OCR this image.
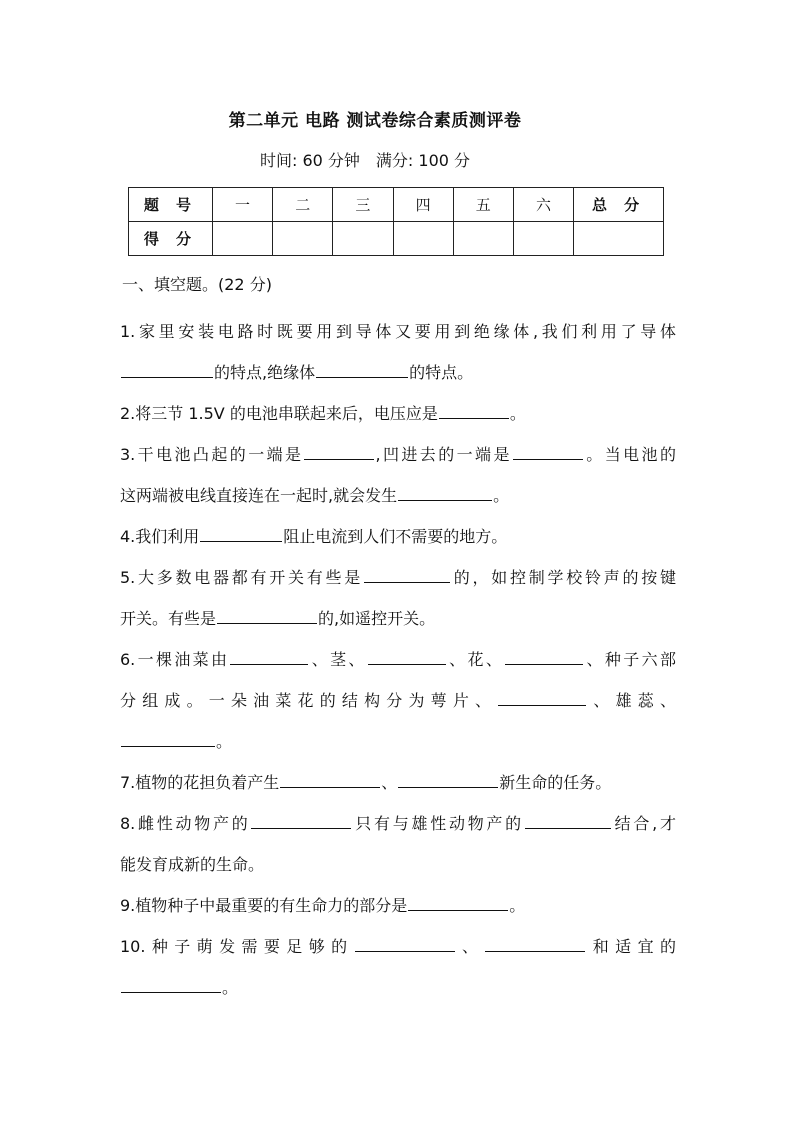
第二单元 电路 测试卷综合素质测评卷
时间: 60 分钟 满分: 100 分
题 号	一	二	三	四	五	六	总 分
得 分							
一、填空题。(22 分)

1.家里安装电路时既要用到导体又要用到绝缘体,我们利用了导体

的特点,绝缘体	的特点。

2.将三节 1.5V 的电池串联起来后，电压应是	。

3.干电池凸起的一端是	,凹进去的一端是	。当电池的

这两端被电线直接连在一起时,就会发生	。

4.我们利用	阻止电流到人们不需要的地方。

5.大多数电器都有开关有些是	的，如控制学校铃声的按键

开关。有些是	的,如遥控开关。

6.一棵油菜由	、茎、	、花、	、种子六部

分组成。一朵油菜花的结构分为萼片、	、雄蕊、

。

7.植物的花担负着产生	、	新生命的任务。

8.雌性动物产的	只有与雄性动物产的	结合,才

能发育成新的生命。

9.植物种子中最重要的有生命力的部分是	。

10.种子萌发需要足够的	、	和适宜的

。
